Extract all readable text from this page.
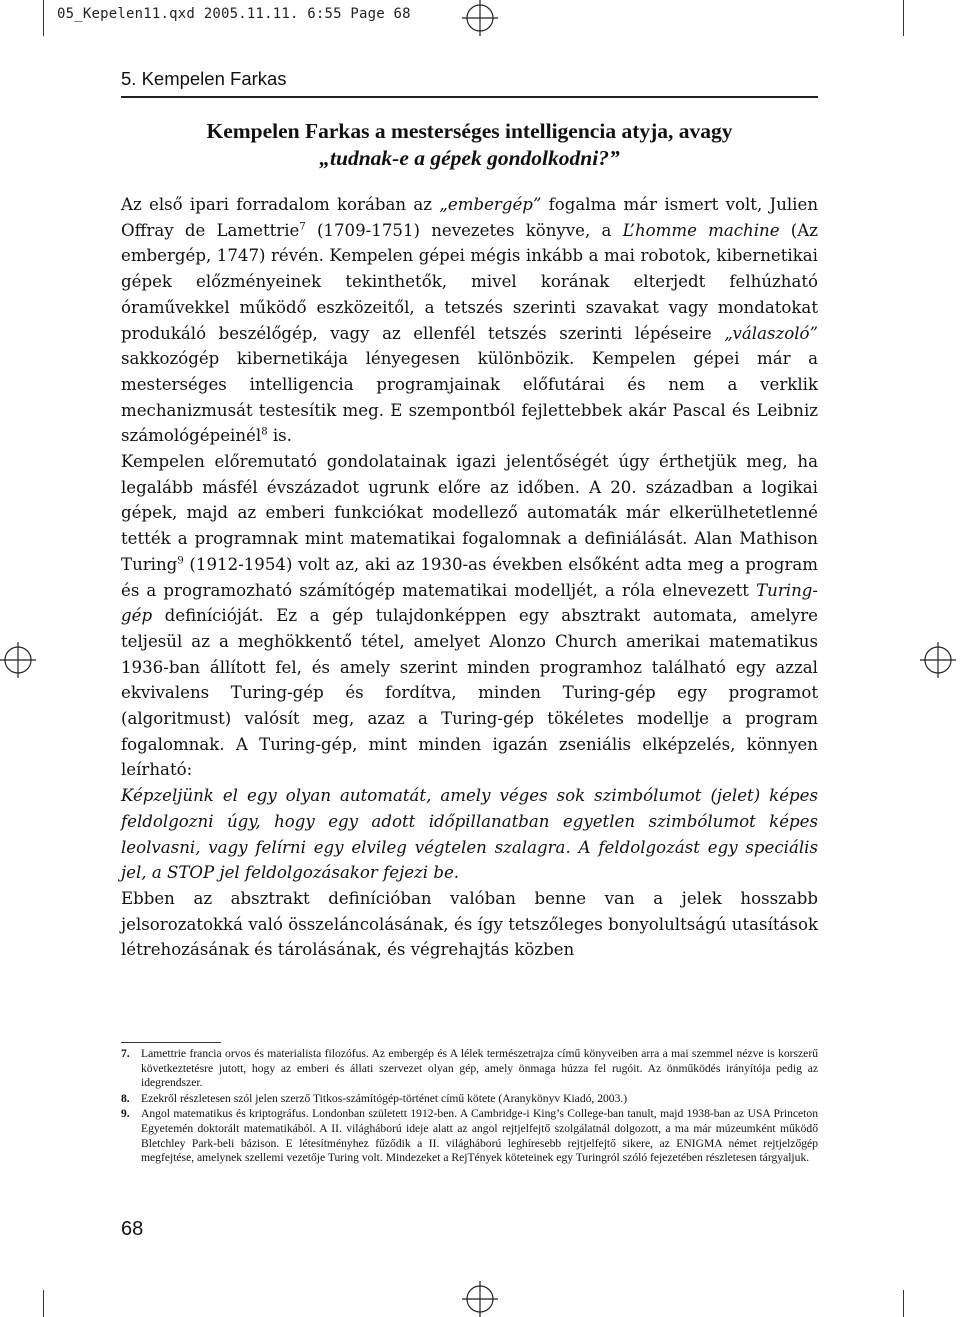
05_Kepelen11.qxd 2005.11.11. 6:55 Page 68
5. Kempelen Farkas
Kempelen Farkas a mesterséges intelligencia atyja, avagy
„tudnak-e a gépek gondolkodni?”

Az első ipari forradalom korában az „embergép” fogalma már ismert volt, Julien Offray de Lamettrie$^7$ (1709-1751) nevezetes könyve, a L’homme machine (Az embergép, 1747) révén. Kempelen gépei mégis inkább a mai robotok, kibernetikai gépek előzményeinek tekinthetők, mivel korának elterjedt felhúzható óraművekkel működő eszközeitől, a tetszés szerinti szavakat vagy mondatokat produkáló beszélőgép, vagy az ellenfél tetszés szerinti lépéseire „válaszoló” sakkozógép kibernetikája lényegesen különbözik. Kempelen gépei már a mesterséges intelligencia programjainak előfutárai és nem a verklik mechanizmusát testesítik meg. E szempontból fejlettebbek akár Pascal és Leibniz számológépeinél$^8$ is.

Kempelen előremutató gondolatainak igazi jelentőségét úgy érthetjük meg, ha legalább másfél évszázadot ugrunk előre az időben. A 20. században a logikai gépek, majd az emberi funkciókat modellező automaták már elkerülhetetlenné tették a programnak mint matematikai fogalomnak a definiálását. Alan Mathison Turing$^9$ (1912-1954) volt az, aki az 1930-as években elsőként adta meg a program és a programozható számítógép matematikai modelljét, a róla elnevezett Turing-gép definícióját. Ez a gép tulajdonképpen egy absztrakt automata, amelyre teljesül az a meghökkentő tétel, amelyet Alonzo Church amerikai matematikus 1936-ban állított fel, és amely szerint minden programhoz található egy azzal ekvivalens Turing-gép és fordítva, minden Turing-gép egy programot (algoritmust) valósít meg, azaz a Turing-gép tökéletes modellje a program fogalomnak. A Turing-gép, mint minden igazán zseniális elképzelés, könnyen leírható:

Képzeljünk el egy olyan automatát, amely véges sok szimbólumot (jelet) képes feldolgozni úgy, hogy egy adott időpillanatban egyetlen szimbólumot képes leolvasni, vagy felírni egy elvileg végtelen szalagra. A feldolgozást egy speciális jel, a STOP jel feldolgozásakor fejezi be.

Ebben az absztrakt definícióban valóban benne van a jelek hosszabb jelsorozatokká való összeláncolásának, és így tetszőleges bonyolultságú utasítások létrehozásának és tárolásának, és végrehajtás közben

7. Lamettrie francia orvos és materialista filozófus. Az embergép és A lélek természetrajza című könyveiben arra a mai szemmel nézve is korszerű következtetésre jutott, hogy az emberi és állati szervezet olyan gép, amely önmaga húzza fel rugóit. Az önműködés irányítója pedig az idegrendszer.

8. Ezekről részletesen szól jelen szerző Titkos-számítógép-történet című kötete (Aranykönyv Kiadó, 2003.)

9. Angol matematikus és kriptográfus. Londonban született 1912-ben. A Cambridge-i King’s College-ban tanult, majd 1938-ban az USA Princeton Egyetemén doktorált matematikából. A II. világháború ideje alatt az angol rejtjelfejtő szolgálatnál dolgozott, a ma már múzeumként működő Bletchley Park-beli bázison. E létesítményhez fűződik a II. világháború leghíresebb rejtjelfejtő sikere, az ENIGMA német rejtjelzőgép megfejtése, amelynek szellemi vezetője Turing volt. Mindezeket a RejTények köteteinek egy Turingról szóló fejezetében részletesen tárgyaljuk.

68
